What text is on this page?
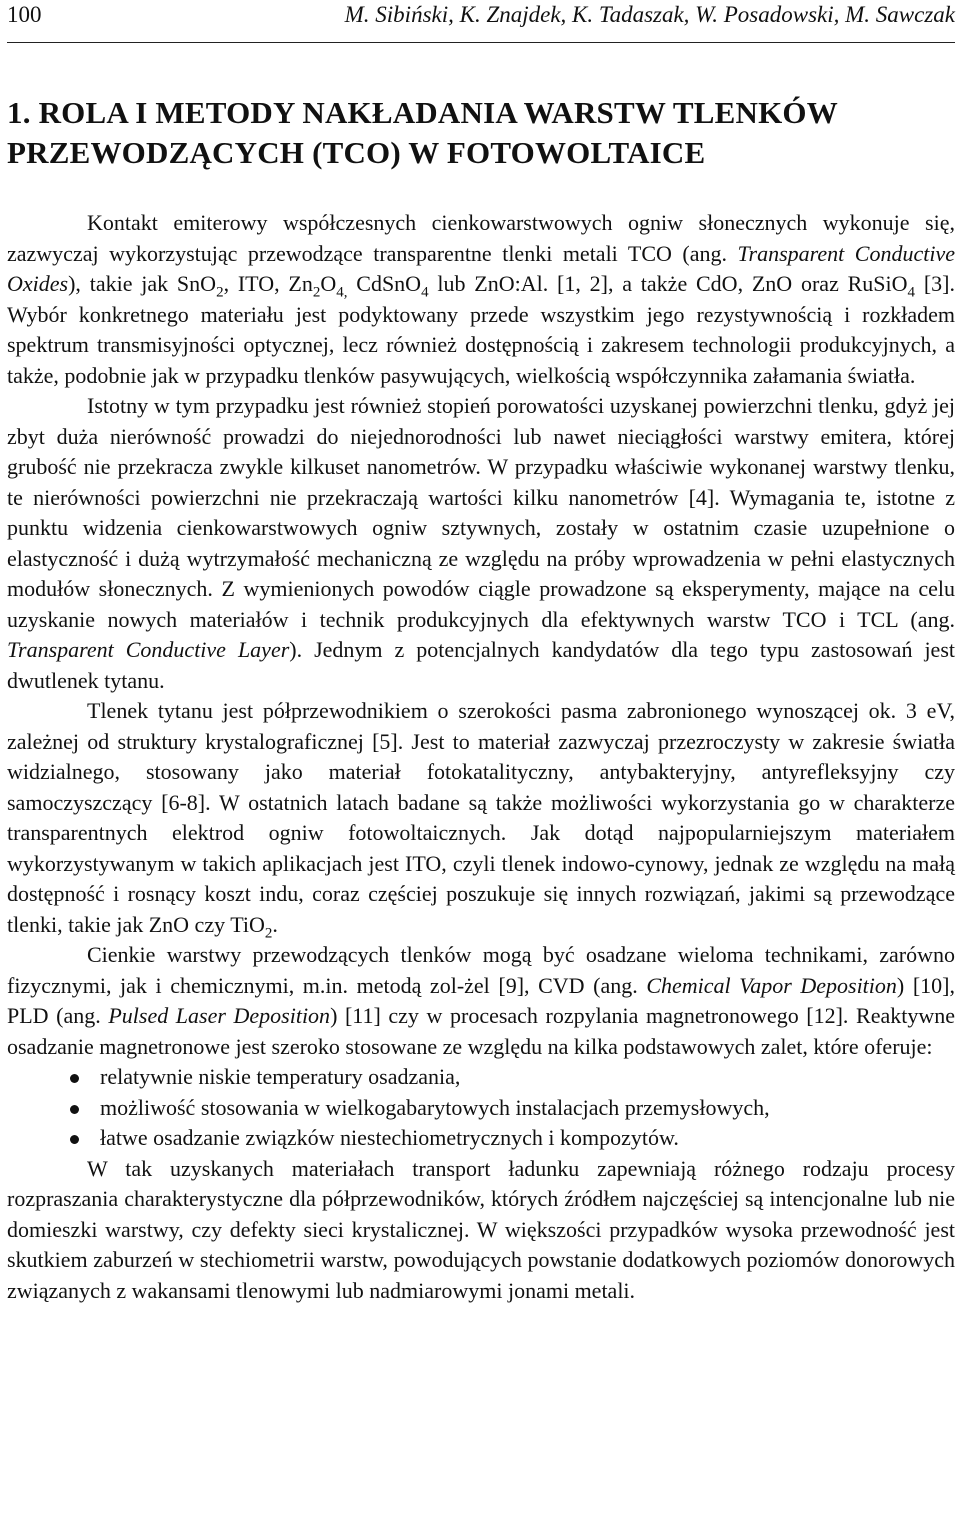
100	M. Sibiński, K. Znajdek, K. Tadaszak, W. Posadowski, M. Sawczak
1. ROLA I METODY NAKŁADANIA WARSTW TLENKÓW
PRZEWODZĄCYCH (TCO) W FOTOWOLTAICE

Kontakt emiterowy współczesnych cienkowarstwowych ogniw słonecznych wykonuje się, zazwyczaj wykorzystując przewodzące transparentne tlenki metali TCO (ang. Transparent Conductive Oxides), takie jak SnO$_2$, ITO, $Zn_2O_{4,}$ CdSnO$_4$ lub ZnO:Al. [1, 2], a także CdO, ZnO oraz RuSiO$_4$ [3]. Wybór konkretnego materiału jest podyktowany przede wszystkim jego rezystywnością i rozkładem spektrum transmisyjności optycznej, lecz również dostępnością i zakresem technologii produkcyjnych, a także, podobnie jak w przypadku tlenków pasywujących, wielkością współczynnika załamania światła.

Istotny w tym przypadku jest również stopień porowatości uzyskanej powierzchni tlenku, gdyż jej zbyt duża nierówność prowadzi do niejednorodności lub nawet nieciągłości warstwy emitera, której grubość nie przekracza zwykle kilkuset nanometrów. W przypadku właściwie wykonanej warstwy tlenku, te nierówności powierzchni nie przekraczają wartości kilku nanometrów [4]. Wymagania te, istotne z punktu widzenia cienkowarstwowych ogniw sztywnych, zostały w ostatnim czasie uzupełnione o elastyczność i dużą wytrzymałość mechaniczną ze względu na próby wprowadzenia w pełni elastycznych modułów słonecznych. Z wymienionych powodów ciągle prowadzone są eksperymenty, mające na celu uzyskanie nowych materiałów i technik produkcyjnych dla efektywnych warstw TCO i TCL (ang. Transparent Conductive Layer). Jednym z potencjalnych kandydatów dla tego typu zastosowań jest dwutlenek tytanu.

Tlenek tytanu jest półprzewodnikiem o szerokości pasma zabronionego wynoszącej ok. 3 eV, zależnej od struktury krystalograficznej [5]. Jest to materiał zazwyczaj przezroczysty w zakresie światła widzialnego, stosowany jako materiał fotokatalityczny, antybakteryjny, antyrefleksyjny czy samoczyszczący [6-8]. W ostatnich latach badane są także możliwości wykorzystania go w charakterze transparentnych elektrod ogniw fotowoltaicznych. Jak dotąd najpopularniejszym materiałem wykorzystywanym w takich aplikacjach jest ITO, czyli tlenek indowo-cynowy, jednak ze względu na małą dostępność i rosnący koszt indu, coraz częściej poszukuje się innych rozwiązań, jakimi są przewodzące tlenki, takie jak ZnO czy TiO$_2$.

Cienkie warstwy przewodzących tlenków mogą być osadzane wieloma technikami, zarówno fizycznymi, jak i chemicznymi, m.in. metodą zol-żel [9], CVD (ang. Chemical Vapor Deposition) [10], PLD (ang. Pulsed Laser Deposition) [11] czy w procesach rozpylania magnetronowego [12]. Reaktywne osadzanie magnetronowe jest szeroko stosowane ze względu na kilka podstawowych zalet, które oferuje:

relatywnie niskie temperatury osadzania,
możliwość stosowania w wielkogabarytowych instalacjach przemysłowych,
łatwe osadzanie związków niestechiometrycznych i kompozytów.

W tak uzyskanych materiałach transport ładunku zapewniają różnego rodzaju procesy rozpraszania charakterystyczne dla półprzewodników, których źródłem najczęściej są intencjonalne lub nie domieszki warstwy, czy defekty sieci krystalicznej. W większości przypadków wysoka przewodność jest skutkiem zaburzeń w stechiometrii warstw, powodujących powstanie dodatkowych poziomów donorowych związanych z wakansami tlenowymi lub nadmiarowymi jonami metali.
